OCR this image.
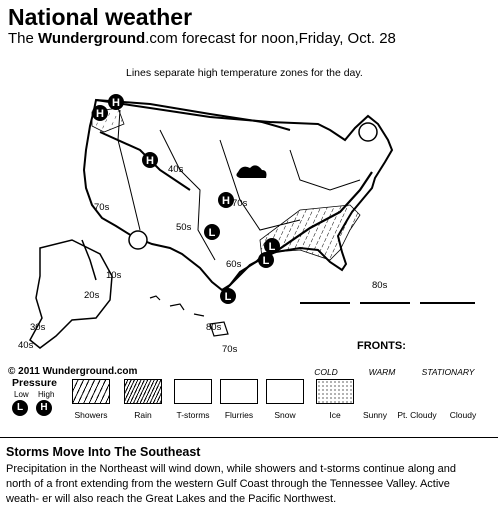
National weather
The Wunderground.com forecast for noon,Friday, Oct. 28
Lines separate high temperature zones for the day.
H
H
H
H
L
L
L
L
70s
40s
50s
60s
70s
10s
20s
30s
40s
80s
80s
70s
© 2011 Wunderground.com
FRONTS:
COLD	WARM	STATIONARY
Pressure
Low High
L	H
Showers	Rain	T-storms	Flurries	Snow	Ice	Sunny	Pt. Cloudy	Cloudy
Storms Move Into The Southeast
Precipitation in the Northeast will wind down, while showers and t-storms continue along and north of a front extending from the western Gulf Coast through the Tennessee Valley. Active weath- er will also reach the Great Lakes and the Pacific Northwest.
